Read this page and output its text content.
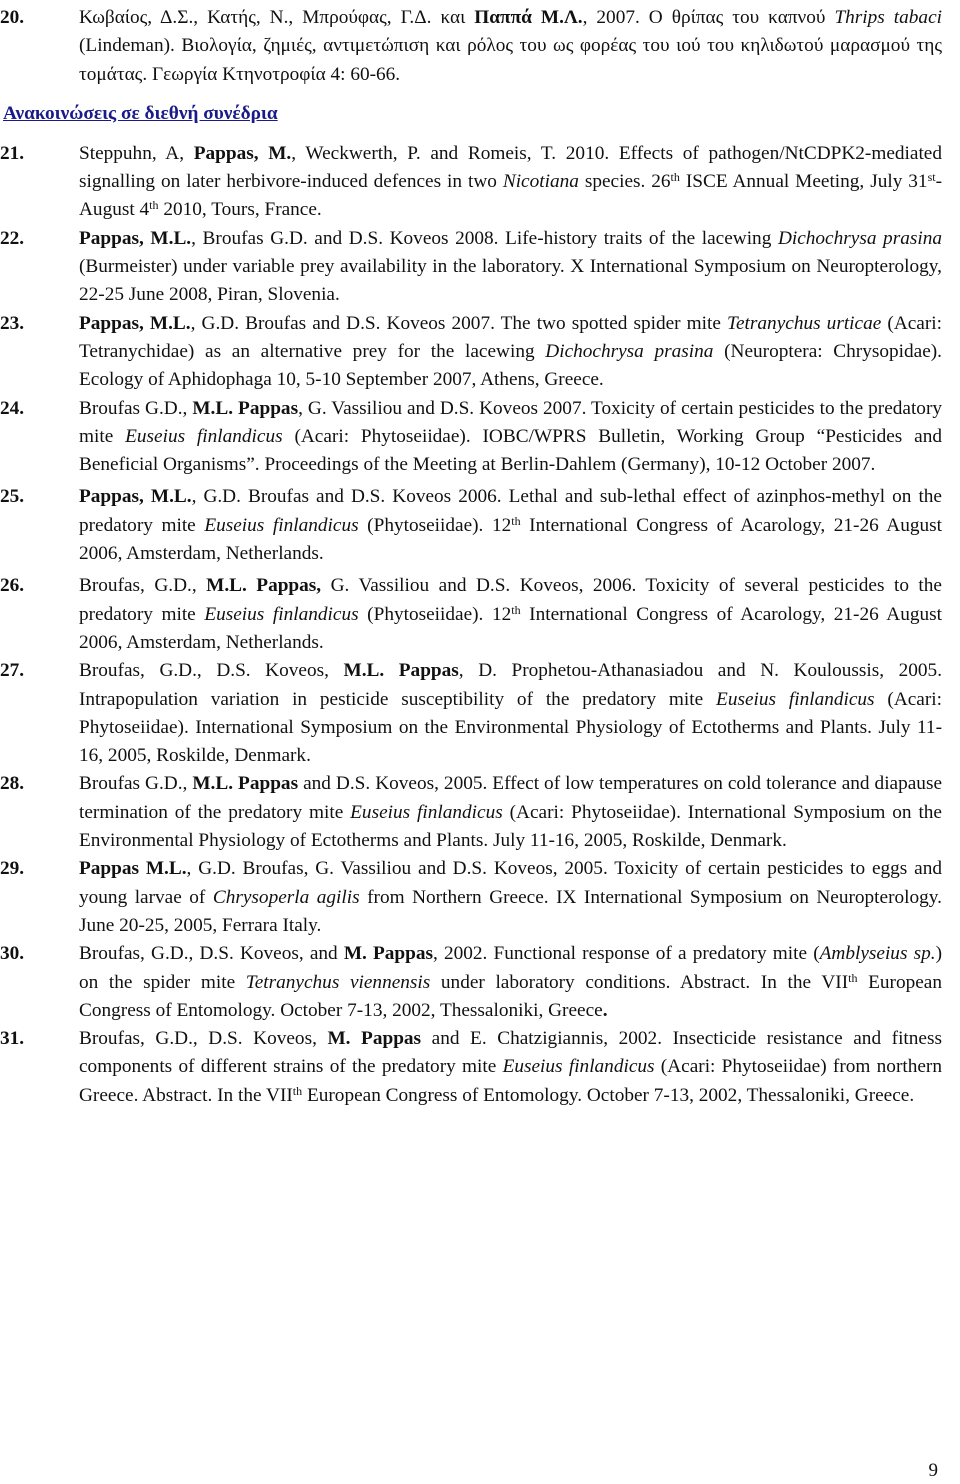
20.	Κωβαίος, Δ.Σ., Κατής, Ν., Μπρούφας, Γ.Δ. και Παππά Μ.Λ., 2007. Ο θρίπας του καπνού Thrips tabaci (Lindeman). Βιολογία, ζημιές, αντιμετώπιση και ρόλος του ως φορέας του ιού του κηλιδωτού μαρασμού της τομάτας. Γεωργία Κτηνοτροφία 4: 60-66.
Ανακοινώσεις σε διεθνή συνέδρια
21.	Steppuhn, A, Pappas, M., Weckwerth, P. and Romeis, T. 2010. Effects of pathogen/NtCDPK2-mediated signalling on later herbivore-induced defences in two Nicotiana species. 26th ISCE Annual Meeting, July 31st-August 4th 2010, Tours, France.
22.	Pappas, M.L., Broufas G.D. and D.S. Koveos 2008. Life-history traits of the lacewing Dichochrysa prasina (Burmeister) under variable prey availability in the laboratory. X International Symposium on Neuropterology, 22-25 June 2008, Piran, Slovenia.
23.	Pappas, M.L., G.D. Broufas and D.S. Koveos 2007. The two spotted spider mite Tetranychus urticae (Acari: Tetranychidae) as an alternative prey for the lacewing Dichochrysa prasina (Neuroptera: Chrysopidae). Ecology of Aphidophaga 10, 5-10 September 2007, Athens, Greece.
24.	Broufas G.D., M.L. Pappas, G. Vassiliou and D.S. Koveos 2007. Toxicity of certain pesticides to the predatory mite Euseius finlandicus (Acari: Phytoseiidae). IOBC/WPRS Bulletin, Working Group “Pesticides and Beneficial Organisms”. Proceedings of the Meeting at Berlin-Dahlem (Germany), 10-12 October 2007.
25.	Pappas, M.L., G.D. Broufas and D.S. Koveos 2006. Lethal and sub-lethal effect of azinphos-methyl on the predatory mite Euseius finlandicus (Phytoseiidae). 12th International Congress of Acarology, 21-26 August 2006, Amsterdam, Netherlands.
26.	Broufas, G.D., M.L. Pappas, G. Vassiliou and D.S. Koveos, 2006. Toxicity of several pesticides to the predatory mite Euseius finlandicus (Phytoseiidae). 12th International Congress of Acarology, 21-26 August 2006, Amsterdam, Netherlands.
27.	Broufas, G.D., D.S. Koveos, M.L. Pappas, D. Prophetou-Athanasiadou and N. Kouloussis, 2005. Intrapopulation variation in pesticide susceptibility of the predatory mite Euseius finlandicus (Acari: Phytoseiidae). International Symposium on the Environmental Physiology of Ectotherms and Plants. July 11-16, 2005, Roskilde, Denmark.
28.	Broufas G.D., M.L. Pappas and D.S. Koveos, 2005. Effect of low temperatures on cold tolerance and diapause termination of the predatory mite Euseius finlandicus (Acari: Phytoseiidae). International Symposium on the Environmental Physiology of Ectotherms and Plants. July 11-16, 2005, Roskilde, Denmark.
29.	Pappas M.L., G.D. Broufas, G. Vassiliou and D.S. Koveos, 2005. Toxicity of certain pesticides to eggs and young larvae of Chrysoperla agilis from Northern Greece. IX International Symposium on Neuropterology. June 20-25, 2005, Ferrara Italy.
30.	Broufas, G.D., D.S. Koveos, and M. Pappas, 2002. Functional response of a predatory mite (Amblyseius sp.) on the spider mite Tetranychus viennensis under laboratory conditions. Abstract. In the VIIth European Congress of Entomology. October 7-13, 2002, Thessaloniki, Greece.
31.	Broufas, G.D., D.S. Koveos, M. Pappas and E. Chatzigiannis, 2002. Insecticide resistance and fitness components of different strains of the predatory mite Euseius finlandicus (Acari: Phytoseiidae) from northern Greece. Abstract. In the VIIth European Congress of Entomology. October 7-13, 2002, Thessaloniki, Greece.
9
